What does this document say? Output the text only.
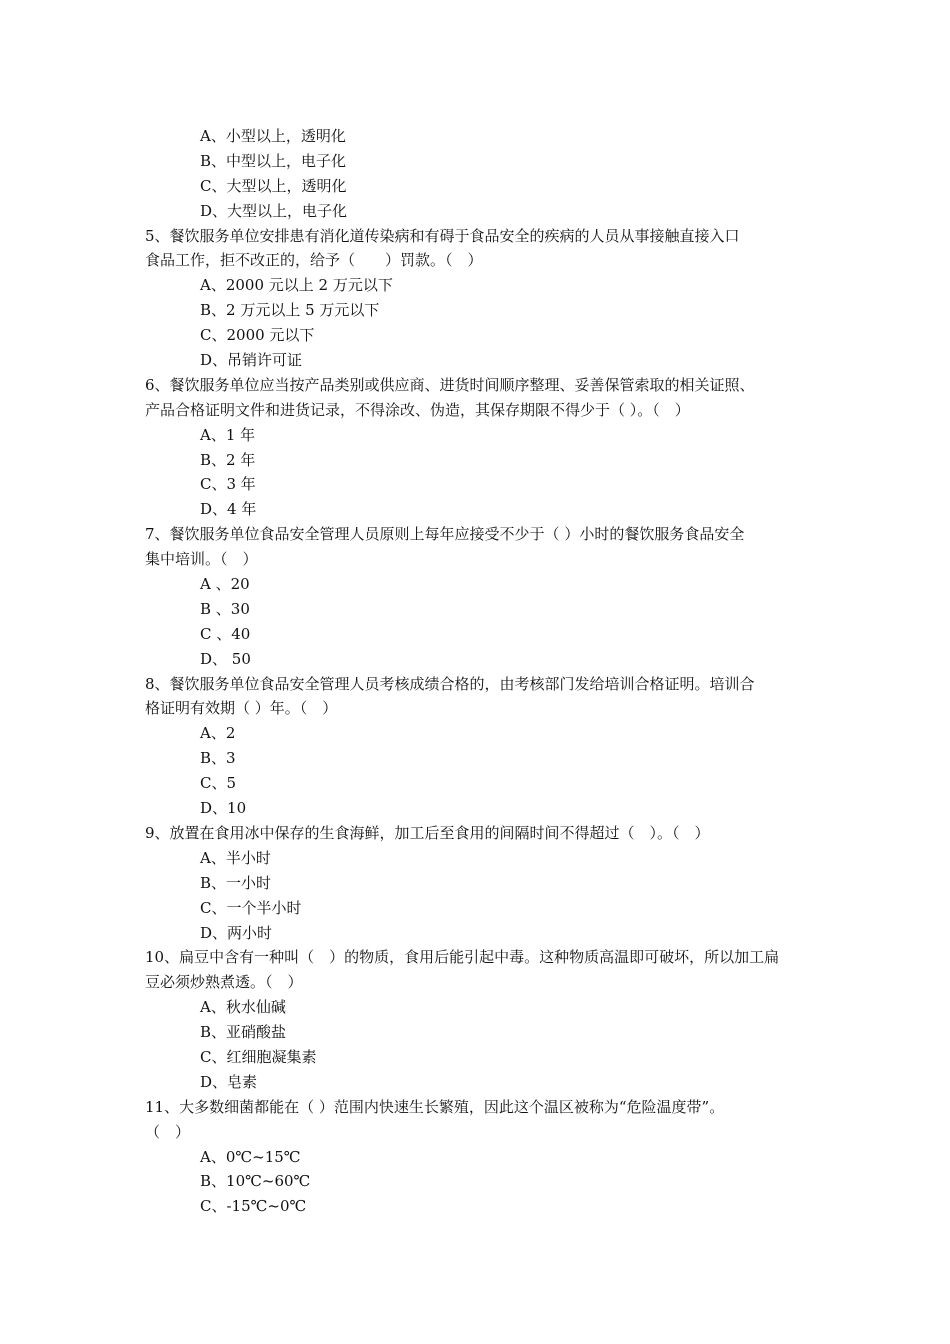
A、小型以上，透明化
B、中型以上，电子化
C、大型以上，透明化
D、大型以上，电子化
5、餐饮服务单位安排患有消化道传染病和有碍于食品安全的疾病的人员从事接触直接入口
食品工作，拒不改正的，给予（　　）罚款。（　）
A、2000 元以上 2 万元以下
B、2 万元以上 5 万元以下
C、2000 元以下
D、吊销许可证
6、餐饮服务单位应当按产品类别或供应商、进货时间顺序整理、妥善保管索取的相关证照、
产品合格证明文件和进货记录，不得涂改、伪造，其保存期限不得少于（ ）。（　）
A、1 年
B、2 年
C、3 年
D、4 年
7、餐饮服务单位食品安全管理人员原则上每年应接受不少于（ ）小时的餐饮服务食品安全
集中培训。（　）
A 、20
B 、30
C 、40
D、 50
8、餐饮服务单位食品安全管理人员考核成绩合格的，由考核部门发给培训合格证明。培训合
格证明有效期（ ）年。（　）
A、2
B、3
C、5
D、10
9、放置在食用冰中保存的生食海鲜，加工后至食用的间隔时间不得超过（　）。（　）
A、半小时
B、一小时
C、一个半小时
D、两小时
10、扁豆中含有一种叫（　）的物质，食用后能引起中毒。这种物质高温即可破坏，所以加工扁
豆必须炒熟煮透。（　）
A、秋水仙碱
B、亚硝酸盐
C、红细胞凝集素
D、皂素
11、大多数细菌都能在（ ）范围内快速生长繁殖，因此这个温区被称为“危险温度带”。
（　）
A、0℃~15℃
B、10℃~60℃
C、-15℃~0℃
